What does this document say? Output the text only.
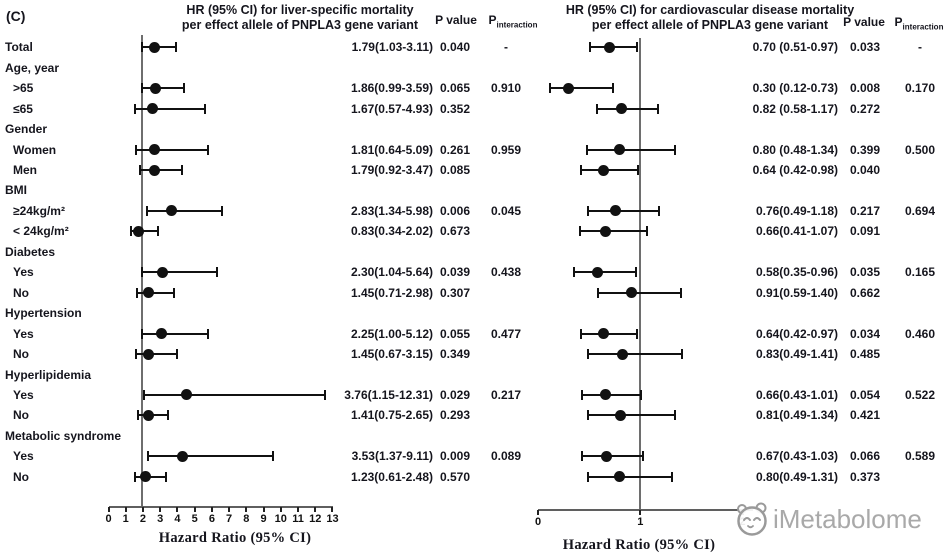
(C)	HR (95% CI) for liver-specific mortality
per effect allele of PNPLA3 gene variant P value $P_{interaction}$
HR (95% CI) for cardiovascular disease mortality
per effect allele of PNPLA3 gene variant	P value $P_{interaction}$
0 1 2 3 4 5 6 7 8 9 10 11 12 13	0	1
Total	1.79(1.03-3.11) 0.040	-	0.70 (0.51-0.97) 0.033	-
Age, year
>65	1.86(0.99-3.59) 0.065 0.910	0.30 (0.12-0.73) 0.008 0.170
≤65	1.67(0.57-4.93) 0.352	0.82 (0.58-1.17) 0.272
Gender
Women	1.81(0.64-5.09) 0.261 0.959	0.80 (0.48-1.34) 0.399 0.500
Men	1.79(0.92-3.47) 0.085	0.64 (0.42-0.98) 0.040
BMI
≥24kg/m²	2.83(1.34-5.98) 0.006 0.045	0.76(0.49-1.18) 0.217 0.694
< 24kg/m²	0.83(0.34-2.02) 0.673	0.66(0.41-1.07) 0.091
Diabetes
Yes	2.30(1.04-5.64) 0.039 0.438	0.58(0.35-0.96) 0.035 0.165
No	1.45(0.71-2.98) 0.307	0.91(0.59-1.40) 0.662
Hypertension
Yes	2.25(1.00-5.12) 0.055 0.477	0.64(0.42-0.97) 0.034 0.460
No	1.45(0.67-3.15) 0.349	0.83(0.49-1.41) 0.485
Hyperlipidemia
Yes	3.76(1.15-12.31) 0.029 0.217	0.66(0.43-1.01) 0.054 0.522
No	1.41(0.75-2.65) 0.293	0.81(0.49-1.34) 0.421
Metabolic syndrome
Yes	3.53(1.37-9.11) 0.009 0.089	0.67(0.43-1.03) 0.066 0.589
No	1.23(0.61-2.48) 0.570	0.80(0.49-1.31) 0.373
Hazard Ratio (95% CI)	Hazard Ratio (95% CI)
iMetabolome
